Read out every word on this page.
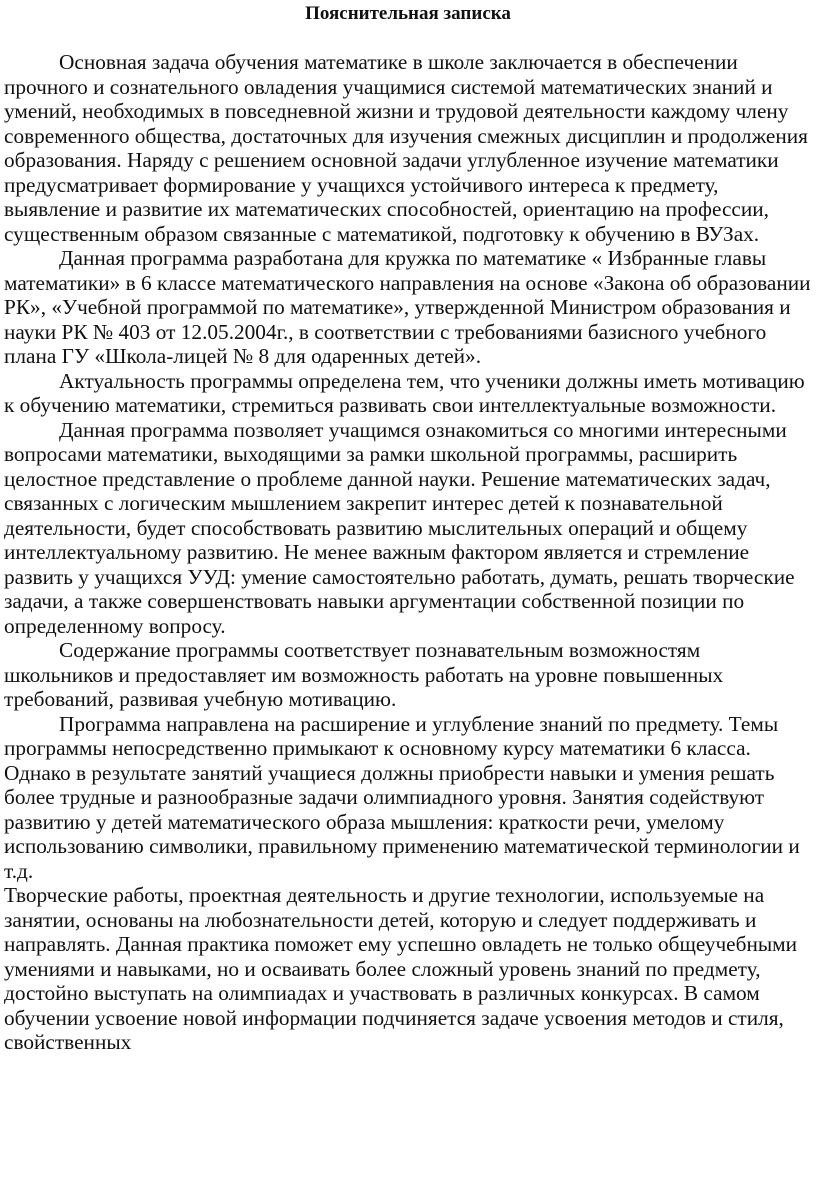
Пояснительная записка

Основная задача обучения математике в школе заключается в обеспечении прочного и сознательного овладения учащимися системой математических знаний и умений, необходимых в повседневной жизни и трудовой деятельности каждому члену современного общества, достаточных для изучения смежных дисциплин и продолжения образования. Наряду с решением основной задачи углубленное изучение математики предусматривает формирование у учащихся устойчивого интереса к предмету, выявление и развитие их математических способностей, ориентацию на профессии, существенным образом связанные с математикой, подготовку к обучению в ВУЗах.

Данная программа разработана для кружка по математике « Избранные главы математики» в 6 классе математического направления на основе «Закона об образовании РК», «Учебной программой по математике», утвержденной Министром образования и науки РК № 403 от 12.05.2004г., в соответствии с требованиями базисного учебного плана ГУ «Школа-лицей № 8 для одаренных детей».

Актуальность программы определена тем, что ученики должны иметь мотивацию к обучению математики, стремиться развивать свои интеллектуальные возможности.

Данная программа позволяет учащимся ознакомиться со многими интересными вопросами математики, выходящими за рамки школьной программы, расширить целостное представление о проблеме данной науки. Решение математических задач, связанных с логическим мышлением закрепит интерес детей к познавательной деятельности, будет способствовать развитию мыслительных операций и общему интеллектуальному развитию. Не менее важным фактором является и стремление развить у учащихся УУД: умение самостоятельно работать, думать, решать творческие задачи, а также совершенствовать навыки аргументации собственной позиции по определенному вопросу.

Содержание программы соответствует познавательным возможностям школьников и предоставляет им возможность работать на уровне повышенных требований, развивая учебную мотивацию.

Программа направлена на расширение и углубление знаний по предмету. Темы программы непосредственно примыкают к основному курсу математики 6 класса. Однако в результате занятий учащиеся должны приобрести навыки и умения решать более трудные и разнообразные задачи олимпиадного уровня. Занятия содействуют развитию у детей математического образа мышления: краткости речи, умелому использованию символики, правильному применению математической терминологии и т.д.

Творческие работы, проектная деятельность и другие технологии, используемые на занятии, основаны на любознательности детей, которую и следует поддерживать и направлять. Данная практика поможет ему успешно овладеть не только общеучебными умениями и навыками, но и осваивать более сложный уровень знаний по предмету, достойно выступать на олимпиадах и участвовать в различных конкурсах. В самом обучении усвоение новой информации подчиняется задаче усвоения методов и стиля, свойственных
